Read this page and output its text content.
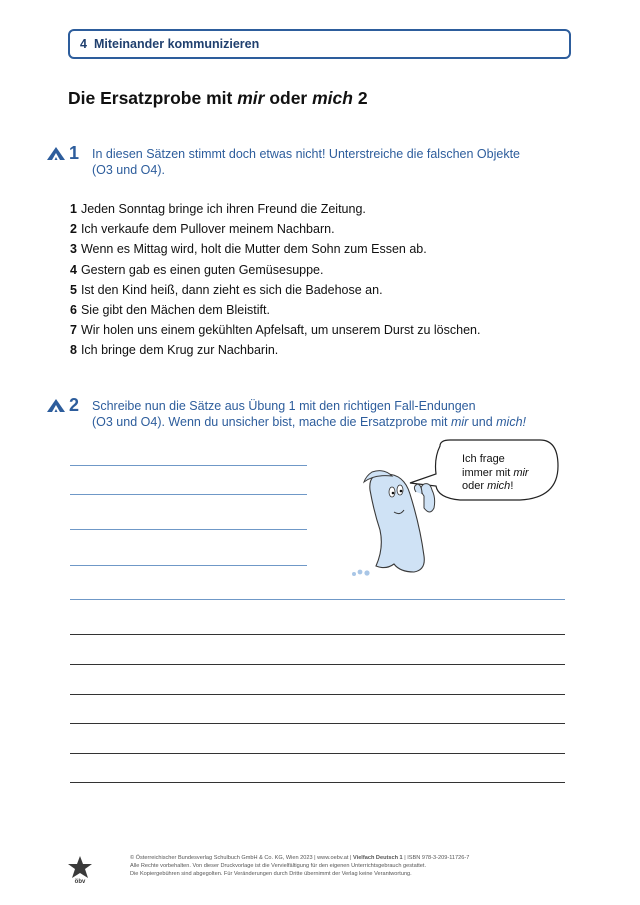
4 Miteinander kommunizieren
Die Ersatzprobe mit mir oder mich 2
1	In diesen Sätzen stimmt doch etwas nicht! Unterstreiche die falschen Objekte
(O3 und O4).
1 Jeden Sonntag bringe ich ihren Freund die Zeitung.
2 Ich verkaufe dem Pullover meinem Nachbarn.
3 Wenn es Mittag wird, holt die Mutter dem Sohn zum Essen ab.
4 Gestern gab es einen guten Gemüsesuppe.
5 Ist den Kind heiß, dann zieht es sich die Badehose an.
6 Sie gibt den Mächen dem Bleistift.
7 Wir holen uns einem gekühlten Apfelsaft, um unserem Durst zu löschen.
8 Ich bringe dem Krug zur Nachbarin.
2	Schreibe nun die Sätze aus Übung 1 mit den richtigen Fall-Endungen
(O3 und O4). Wenn du unsicher bist, mache die Ersatzprobe mit mir und mich!
Ich frage
immer mit mir
oder mich!
öbv
© Österreichischer Bundesverlag Schulbuch GmbH & Co. KG, Wien 2023 | www.oebv.at | Vielfach Deutsch 1 | ISBN 978-3-209-11726-7
Alle Rechte vorbehalten. Von dieser Druckvorlage ist die Vervielfältigung für den eigenen Unterrichtsgebrauch gestattet.
Die Kopiergebühren sind abgegolten. Für Veränderungen durch Dritte übernimmt der Verlag keine Verantwortung.
